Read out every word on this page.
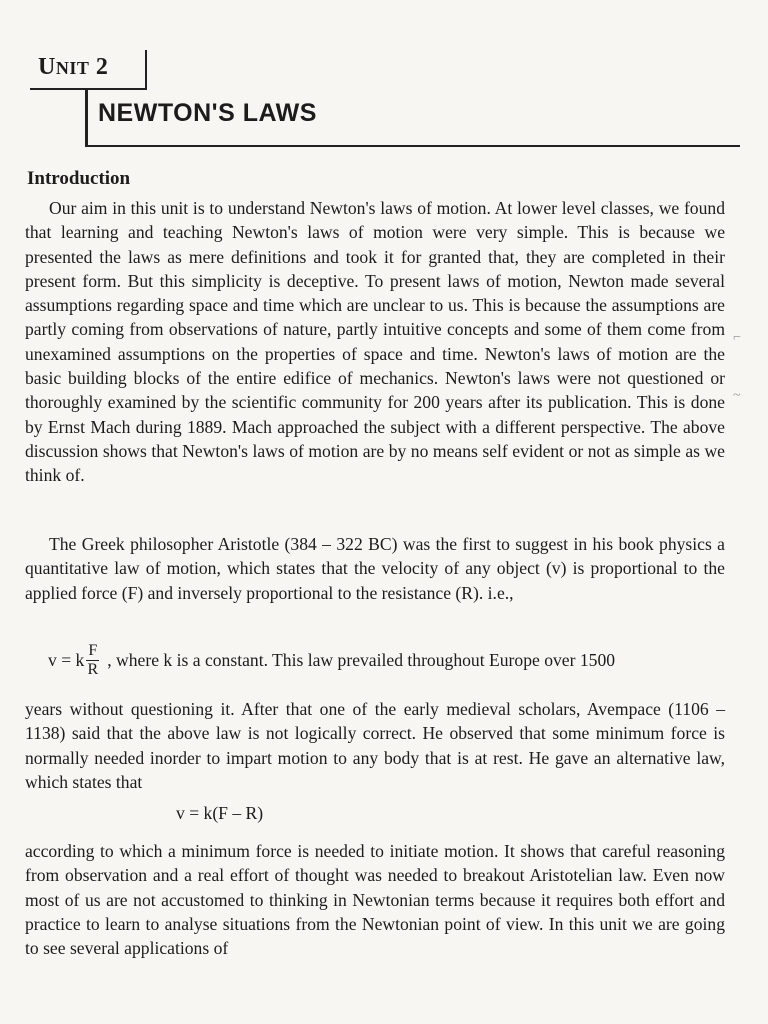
UNIT 2
NEWTON'S LAWS
Introduction

Our aim in this unit is to understand Newton's laws of motion. At lower level classes, we found that learning and teaching Newton's laws of motion were very simple. This is because we presented the laws as mere definitions and took it for granted that, they are completed in their present form. But this simplicity is deceptive. To present laws of motion, Newton made several assumptions regarding space and time which are unclear to us. This is because the assumptions are partly coming from observations of nature, partly intuitive concepts and some of them come from unexamined assumptions on the properties of space and time. Newton's laws of motion are the basic building blocks of the entire edifice of mechanics. Newton's laws were not questioned or thoroughly examined by the scientific community for 200 years after its publication. This is done by Ernst Mach during 1889. Mach approached the subject with a different perspective. The above discussion shows that Newton's laws of motion are by no means self evident or not as simple as we think of.

The Greek philosopher Aristotle (384 – 322 BC) was the first to suggest in his book physics a quantitative law of motion, which states that the velocity of any object (v) is proportional to the applied force (F) and inversely proportional to the resistance (R). i.e.,

v = k $\frac{F}{R}$ , where k is a constant. This law prevailed throughout Europe over 1500

years without questioning it. After that one of the early medieval scholars, Avempace (1106 – 1138) said that the above law is not logically correct. He observed that some minimum force is normally needed inorder to impart motion to any body that is at rest. He gave an alternative law, which states that

v = k(F – R)

according to which a minimum force is needed to initiate motion. It shows that careful reasoning from observation and a real effort of thought was needed to breakout Aristotelian law. Even now most of us are not accustomed to thinking in Newtonian terms because it requires both effort and practice to learn to analyse situations from the Newtonian point of view. In this unit we are going to see several applications of

⌐
~
